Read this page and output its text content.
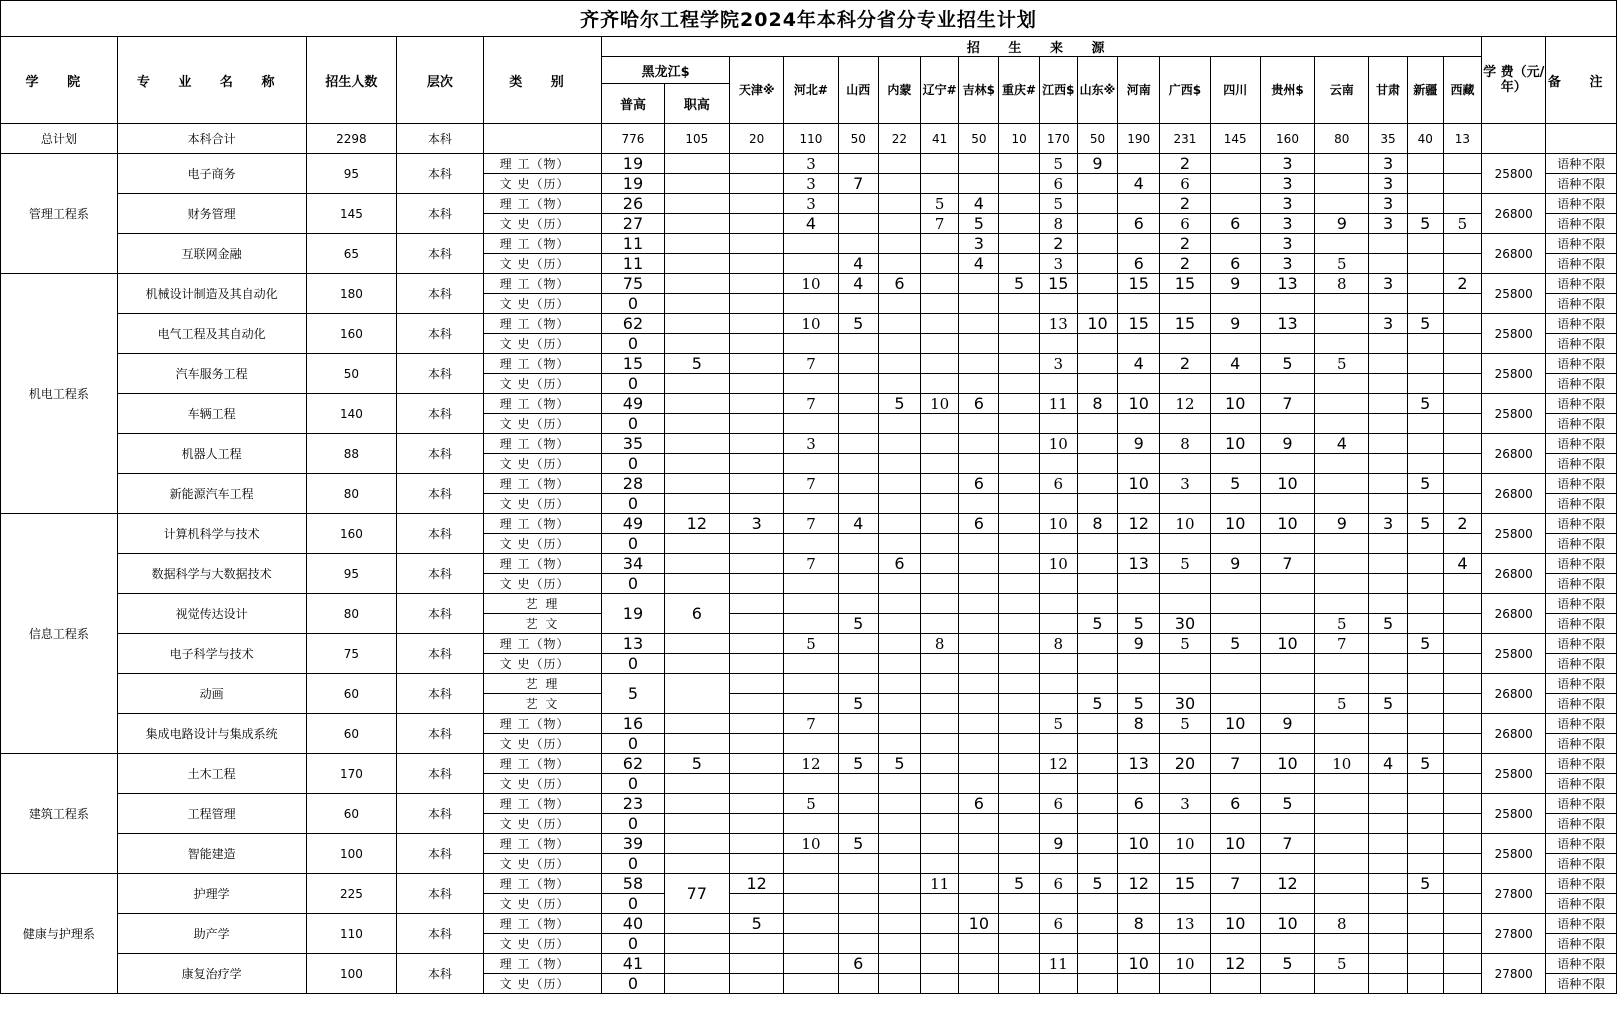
齐齐哈尔工程学院2024年本科分省分专业招生计划																									
学 院	专 业 名 称	招生人数	层次	类 别	招 生 来 源																			学 费（元/年）	备 注
					黑龙江$		天津※	河北#	山西	内蒙	辽宁#	吉林$	重庆#	江西$	山东※	河南	广西$	四川	贵州$	云南	甘肃	新疆	西藏		
					普高	职高																			
总计划	本科合计	2298	本科		776	105	20	110	50	22	41	50	10	170	50	190	231	145	160	80	35	40	13		
管理工程系	电子商务	95	本科	理 工（物）	19			3						5	9		2		3		3			25800	语种不限
				文 史（历）	19			3	7					6		4	6		3		3				语种不限
	财务管理	145	本科	理 工（物）	26			3			5	4		5			2		3		3			26800	语种不限
				文 史（历）	27			4			7	5		8		6	6	6	3	9	3	5	5		语种不限
	互联网金融	65	本科	理 工（物）	11							3		2			2		3					26800	语种不限
				文 史（历）	11				4			4		3		6	2	6	3	5					语种不限
机电工程系	机械设计制造及其自动化	180	本科	理 工（物）	75			10	4	6			5	15		15	15	9	13	8	3		2	25800	语种不限
				文 史（历）	0																				语种不限
	电气工程及其自动化	160	本科	理 工（物）	62			10	5					13	10	15	15	9	13		3	5		25800	语种不限
				文 史（历）	0																				语种不限
	汽车服务工程	50	本科	理 工（物）	15	5		7						3		4	2	4	5	5				25800	语种不限
				文 史（历）	0																				语种不限
	车辆工程	140	本科	理 工（物）	49			7		5	10	6		11	8	10	12	10	7			5		25800	语种不限
				文 史（历）	0																				语种不限
	机器人工程	88	本科	理 工（物）	35			3						10		9	8	10	9	4				26800	语种不限
				文 史（历）	0																				语种不限
	新能源汽车工程	80	本科	理 工（物）	28			7				6		6		10	3	5	10			5		26800	语种不限
				文 史（历）	0																				语种不限
信息工程系	计算机科学与技术	160	本科	理 工（物）	49	12	3	7	4			6		10	8	12	10	10	10	9	3	5	2	25800	语种不限
				文 史（历）	0																				语种不限
	数据科学与大数据技术	95	本科	理 工（物）	34			7		6				10		13	5	9	7				4	26800	语种不限
				文 史（历）	0																				语种不限
	视觉传达设计	80	本科	艺 理	19	6																		26800	语种不限
				艺 文					5						5	5	30			5	5				语种不限
	电子科学与技术	75	本科	理 工（物）	13			5			8			8		9	5	5	10	7		5		25800	语种不限
				文 史（历）	0																				语种不限
	动画	60	本科	艺 理	5																			26800	语种不限
				艺 文					5						5	5	30			5	5				语种不限
	集成电路设计与集成系统	60	本科	理 工（物）	16			7						5		8	5	10	9					26800	语种不限
				文 史（历）	0																				语种不限
建筑工程系	土木工程	170	本科	理 工（物）	62	5		12	5	5				12		13	20	7	10	10	4	5		25800	语种不限
				文 史（历）	0																				语种不限
	工程管理	60	本科	理 工（物）	23			5				6		6		6	3	6	5					25800	语种不限
				文 史（历）	0																				语种不限
	智能建造	100	本科	理 工（物）	39			10	5					9		10	10	10	7					25800	语种不限
				文 史（历）	0																				语种不限
健康与护理系	护理学	225	本科	理 工（物）	58	77	12				11		5	6	5	12	15	7	12			5		27800	语种不限
				文 史（历）	0																				语种不限
	助产学	110	本科	理 工（物）	40		5					10		6		8	13	10	10	8				27800	语种不限
				文 史（历）	0																				语种不限
	康复治疗学	100	本科	理 工（物）	41				6					11		10	10	12	5	5				27800	语种不限
				文 史（历）	0																				语种不限
